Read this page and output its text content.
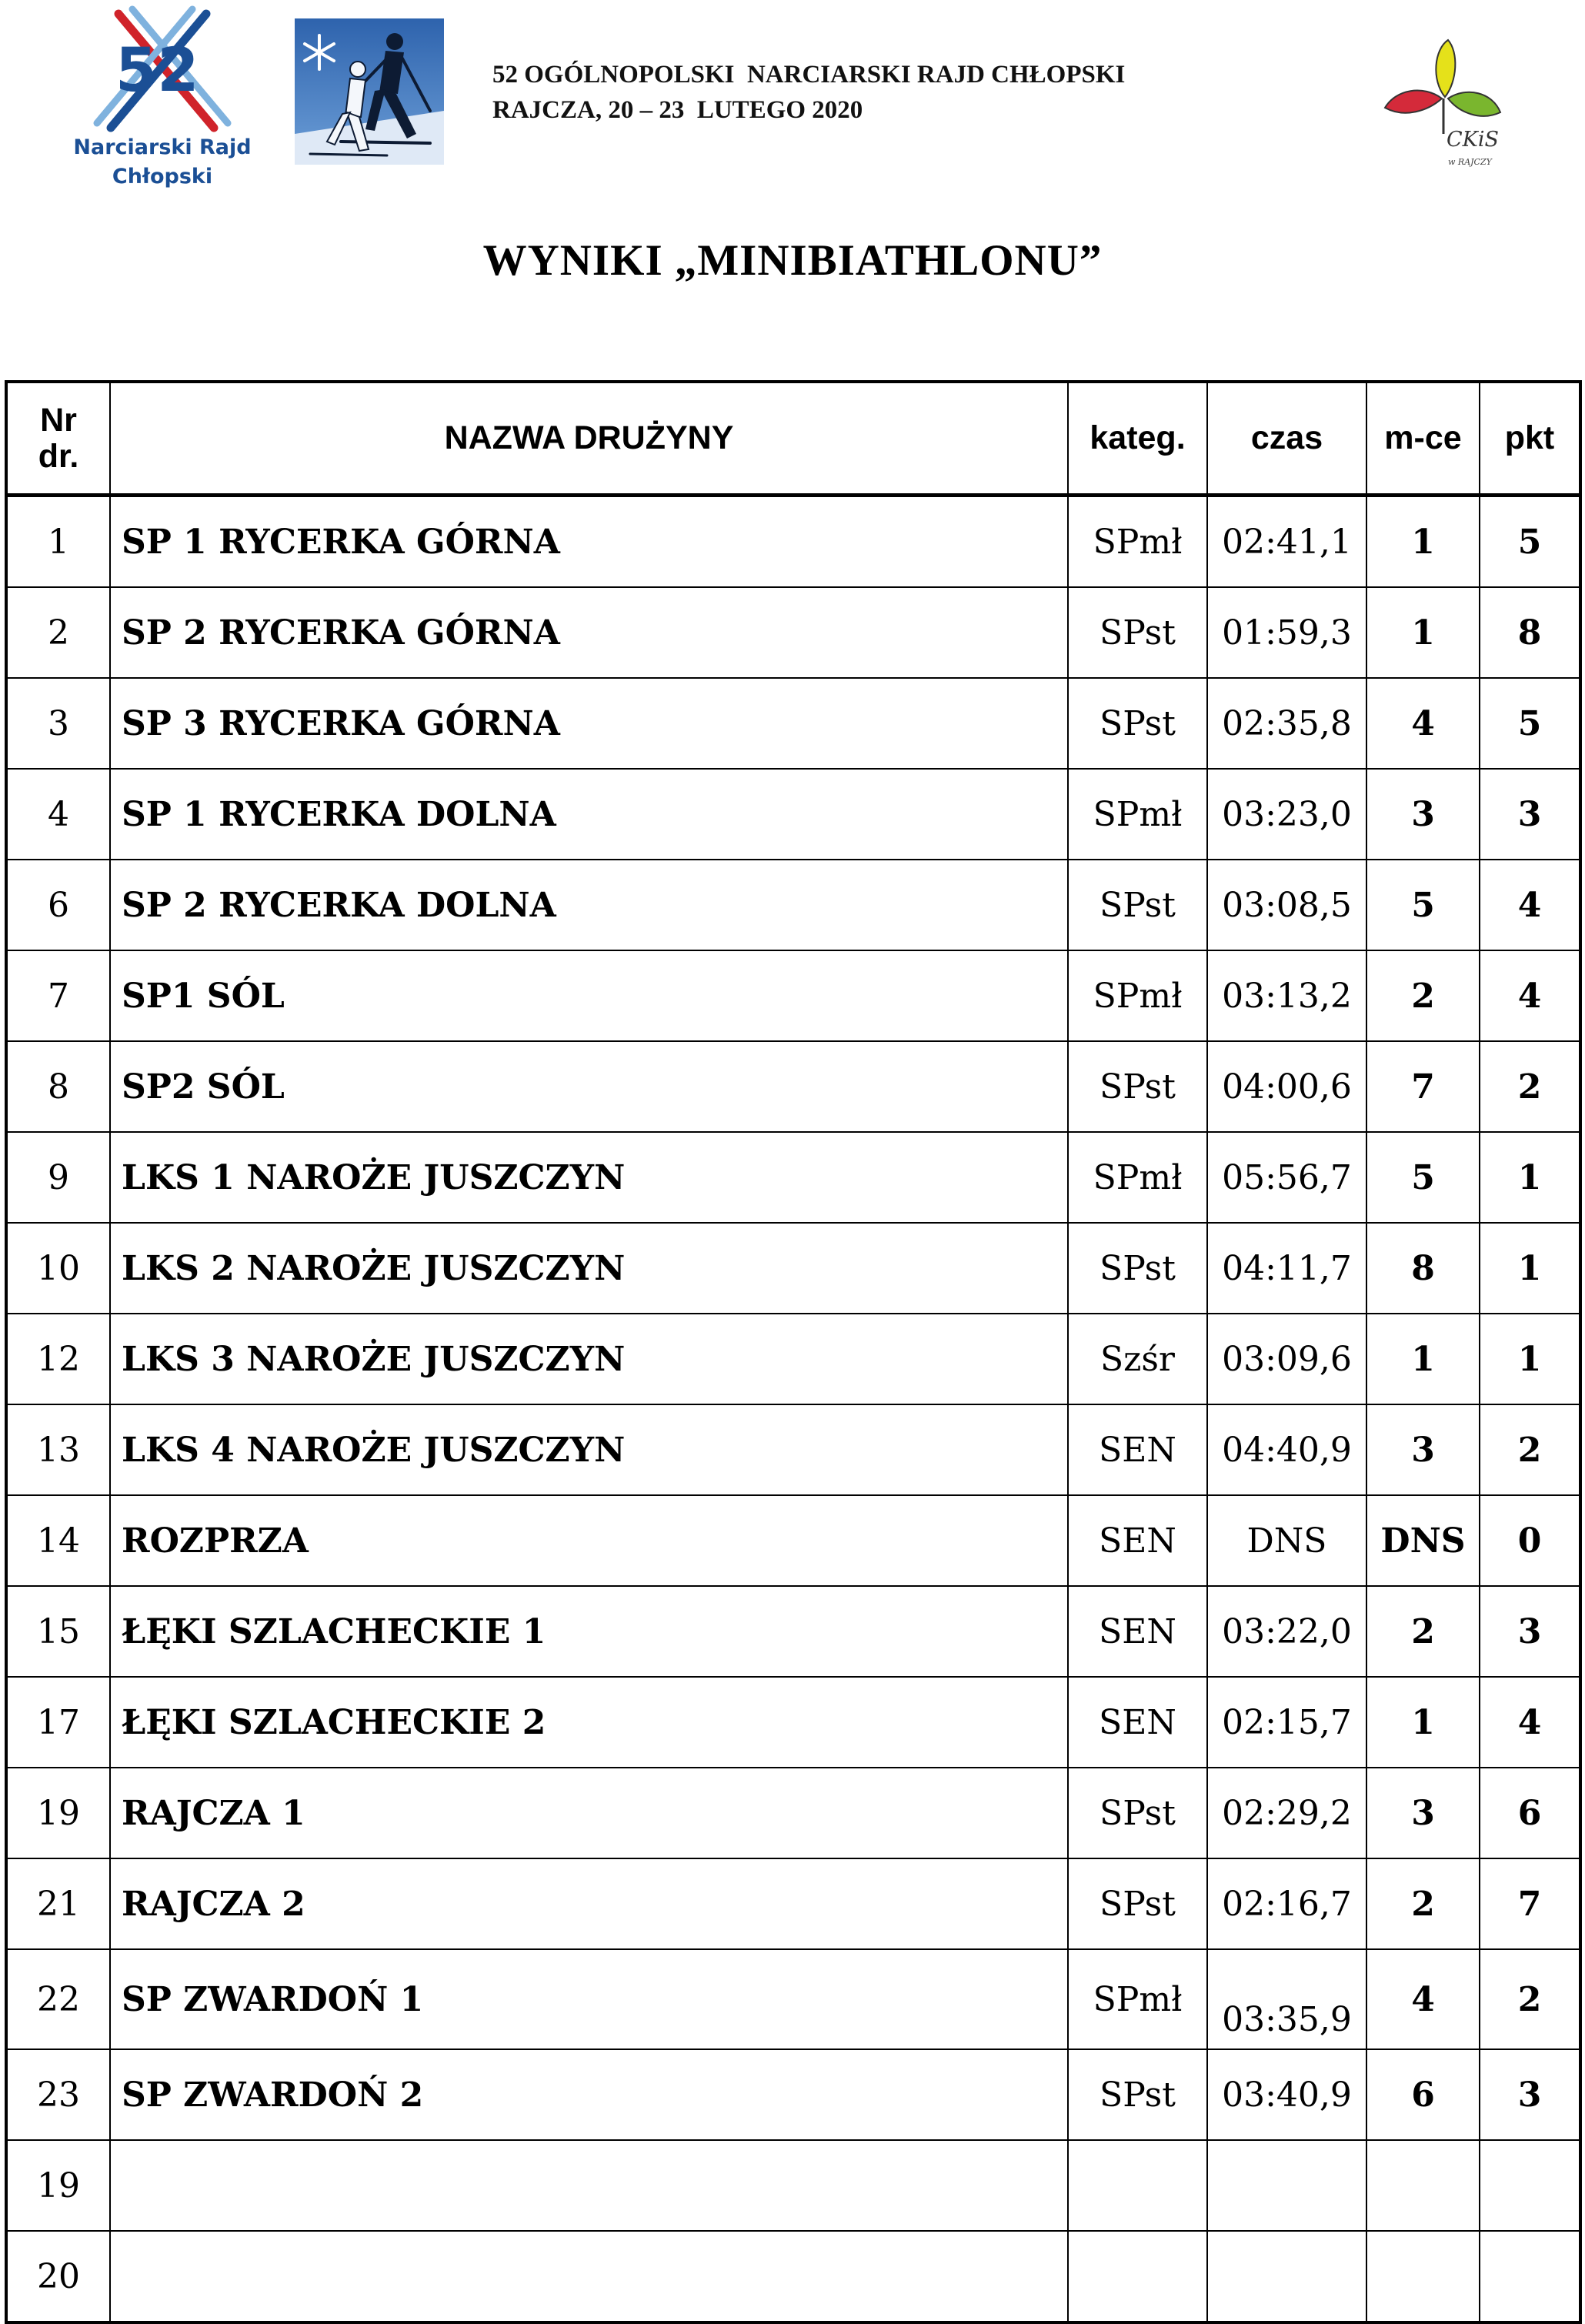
52
Narciarski Rajd
Chłopski
52 OGÓLNOPOLSKI  NARCIARSKI RAJD CHŁOPSKI
RAJCZA, 20 – 23  LUTEGO 2020
CKiS
w RAJCZY
WYNIKI „MINIBIATHLONU”
Nr
dr.	NAZWA DRUŻYNY	kateg.	czas	m-ce	pkt
1	SP 1 RYCERKA GÓRNA	SPmł	02:41,1	1	5
2	SP 2 RYCERKA GÓRNA	SPst	01:59,3	1	8
3	SP 3 RYCERKA GÓRNA	SPst	02:35,8	4	5
4	SP 1 RYCERKA DOLNA	SPmł	03:23,0	3	3
6	SP 2 RYCERKA DOLNA	SPst	03:08,5	5	4
7	SP1 SÓL	SPmł	03:13,2	2	4
8	SP2 SÓL	SPst	04:00,6	7	2
9	LKS 1 NAROŻE JUSZCZYN	SPmł	05:56,7	5	1
10	LKS 2 NAROŻE JUSZCZYN	SPst	04:11,7	8	1
12	LKS 3 NAROŻE JUSZCZYN	Szśr	03:09,6	1	1
13	LKS 4 NAROŻE JUSZCZYN	SEN	04:40,9	3	2
14	ROZPRZA	SEN	DNS	DNS	0
15	ŁĘKI SZLACHECKIE 1	SEN	03:22,0	2	3
17	ŁĘKI SZLACHECKIE 2	SEN	02:15,7	1	4
19	RAJCZA 1	SPst	02:29,2	3	6
21	RAJCZA 2	SPst	02:16,7	2	7
22	SP ZWARDOŃ 1	SPmł	03:35,9	4	2
23	SP ZWARDOŃ 2	SPst	03:40,9	6	3
19					
20					
